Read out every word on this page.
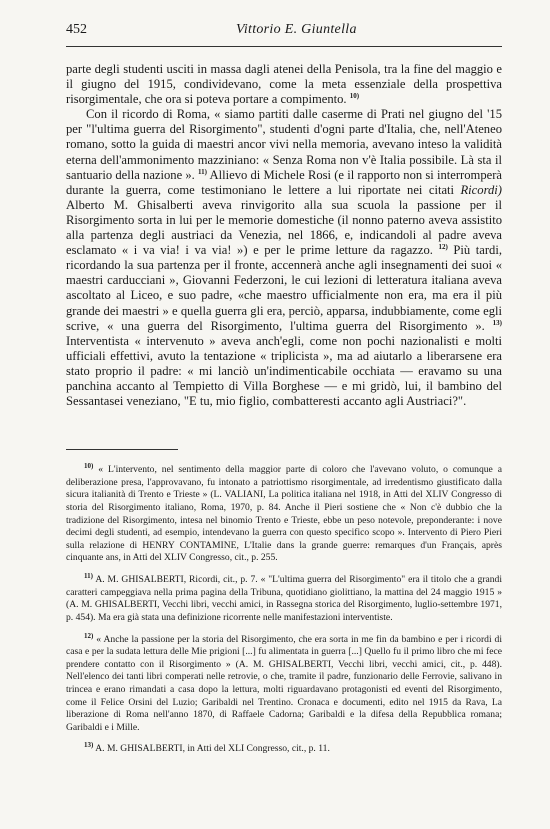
452	Vittorio E. Giuntella

parte degli studenti usciti in massa dagli atenei della Penisola, tra la fine del maggio e il giugno del 1915, condividevano, come la meta essenziale della prospettiva risorgimentale, che ora si poteva portare a compimento. $^{10)}$

Con il ricordo di Roma, « siamo partiti dalle caserme di Prati nel giugno del '15 per "l'ultima guerra del Risorgimento", studenti d'ogni parte d'Italia, che, nell'Ateneo romano, sotto la guida di maestri ancor vivi nella memoria, avevano inteso la validità eterna dell'ammonimento mazziniano: « Senza Roma non v'è Italia possibile. Là sta il santuario della nazione ». $^{11)}$ Allievo di Michele Rosi (e il rapporto non si interromperà durante la guerra, come testimoniano le lettere a lui riportate nei citati Ricordi) Alberto M. Ghisalberti aveva rinvigorito alla sua scuola la passione per il Risorgimento sorta in lui per le memorie domestiche (il nonno paterno aveva assistito alla partenza degli austriaci da Venezia, nel 1866, e, indicandoli al padre aveva esclamato « i va via! i va via! ») e per le prime letture da ragazzo. $^{12)}$ Più tardi, ricordando la sua partenza per il fronte, accennerà anche agli insegnamenti dei suoi « maestri carducciani », Giovanni Federzoni, le cui lezioni di letteratura italiana aveva ascoltato al Liceo, e suo padre, «che maestro ufficialmente non era, ma era il più grande dei maestri » e quella guerra gli era, perciò, apparsa, indubbiamente, come egli scrive, « una guerra del Risorgimento, l'ultima guerra del Risorgimento ». $^{13)}$ Interventista « intervenuto » aveva anch'egli, come non pochi nazionalisti e molti ufficiali effettivi, avuto la tentazione « triplicista », ma ad aiutarlo a liberarsene era stato proprio il padre: « mi lanciò un'indimenticabile occhiata — eravamo su una panchina accanto al Tempietto di Villa Borghese — e mi gridò, lui, il bambino del Sessantasei veneziano, "E tu, mio figlio, combatteresti accanto agli Austriaci?".

$^{10)}$ « L'intervento, nel sentimento della maggior parte di coloro che l'avevano voluto, o comunque a deliberazione presa, l'approvavano, fu intonato a patriottismo risorgimentale, ad irredentismo giustificato dalla sicura italianità di Trento e Trieste » (L. VALIANI, La politica italiana nel 1918, in Atti del XLIV Congresso di storia del Risorgimento italiano, Roma, 1970, p. 84. Anche il Pieri sostiene che « Non c'è dubbio che la tradizione del Risorgimento, intesa nel binomio Trento e Trieste, ebbe un peso notevole, preponderante: i nove decimi degli studenti, ad esempio, intendevano la guerra con questo specifico scopo ». Intervento di Piero Pieri sulla relazione di HENRY CONTAMINE, L'Italie dans la grande guerre: remarques d'un Français, après cinquante ans, in Atti del XLIV Congresso, cit., p. 255.

$^{11)}$ A. M. GHISALBERTI, Ricordi, cit., p. 7. « "L'ultima guerra del Risorgimento" era il titolo che a grandi caratteri campeggiava nella prima pagina della Tribuna, quotidiano giolittiano, la mattina del 24 maggio 1915 » (A. M. GHISALBERTI, Vecchi libri, vecchi amici, in Rassegna storica del Risorgimento, luglio-settembre 1971, p. 454). Ma era già stata una definizione ricorrente nelle manifestazioni interventiste.

$^{12)}$ « Anche la passione per la storia del Risorgimento, che era sorta in me fin da bambino e per i ricordi di casa e per la sudata lettura delle Mie prigioni [...] fu alimentata in guerra [...] Quello fu il primo libro che mi fece prendere contatto con il Risorgimento » (A. M. GHISALBERTI, Vecchi libri, vecchi amici, cit., p. 448). Nell'elenco dei tanti libri comperati nelle retrovie, o che, tramite il padre, funzionario delle Ferrovie, salivano in trincea e erano rimandati a casa dopo la lettura, molti riguardavano protagonisti ed eventi del Risorgimento, come il Felice Orsini del Luzio; Garibaldi nel Trentino. Cronaca e documenti, edito nel 1915 da Rava, La liberazione di Roma nell'anno 1870, di Raffaele Cadorna; Garibaldi e la difesa della Repubblica romana; Garibaldi e i Mille.

$^{13)}$ A. M. GHISALBERTI, in Atti del XLI Congresso, cit., p. 11.
